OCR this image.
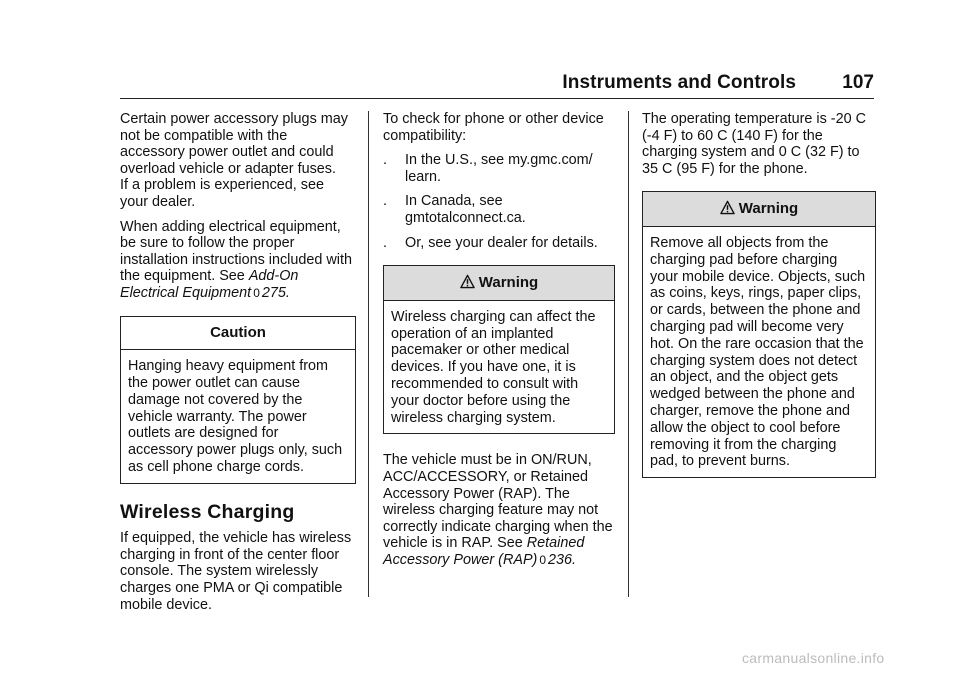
Instruments and Controls 107

Certain power accessory plugs may
not be compatible with the
accessory power outlet and could
overload vehicle or adapter fuses.
If a problem is experienced, see
your dealer.

When adding electrical equipment,
be sure to follow the proper
installation instructions included with
the equipment. See Add-On
Electrical Equipment 0 275.

Caution
Hanging heavy equipment from
the power outlet can cause
damage not covered by the
vehicle warranty. The power
outlets are designed for
accessory power plugs only, such
as cell phone charge cords.
Wireless Charging

If equipped, the vehicle has wireless
charging in front of the center floor
console. The system wirelessly
charges one PMA or Qi compatible
mobile device.

To check for phone or other device
compatibility:

. In the U.S., see my.gmc.com/
learn.
. In Canada, see
gmtotalconnect.ca.
. Or, see your dealer for details.
Warning
Wireless charging can affect the
operation of an implanted
pacemaker or other medical
devices. If you have one, it is
recommended to consult with
your doctor before using the
wireless charging system.

The vehicle must be in ON/RUN,
ACC/ACCESSORY, or Retained
Accessory Power (RAP). The
wireless charging feature may not
correctly indicate charging when the
vehicle is in RAP. See Retained
Accessory Power (RAP) 0 236.

The operating temperature is -20 C
(-4 F) to 60 C (140 F) for the
charging system and 0 C (32 F) to
35 C (95 F) for the phone.

Warning
Remove all objects from the
charging pad before charging
your mobile device. Objects, such
as coins, keys, rings, paper clips,
or cards, between the phone and
charging pad will become very
hot. On the rare occasion that the
charging system does not detect
an object, and the object gets
wedged between the phone and
charger, remove the phone and
allow the object to cool before
removing it from the charging
pad, to prevent burns.
carmanualsonline.info
